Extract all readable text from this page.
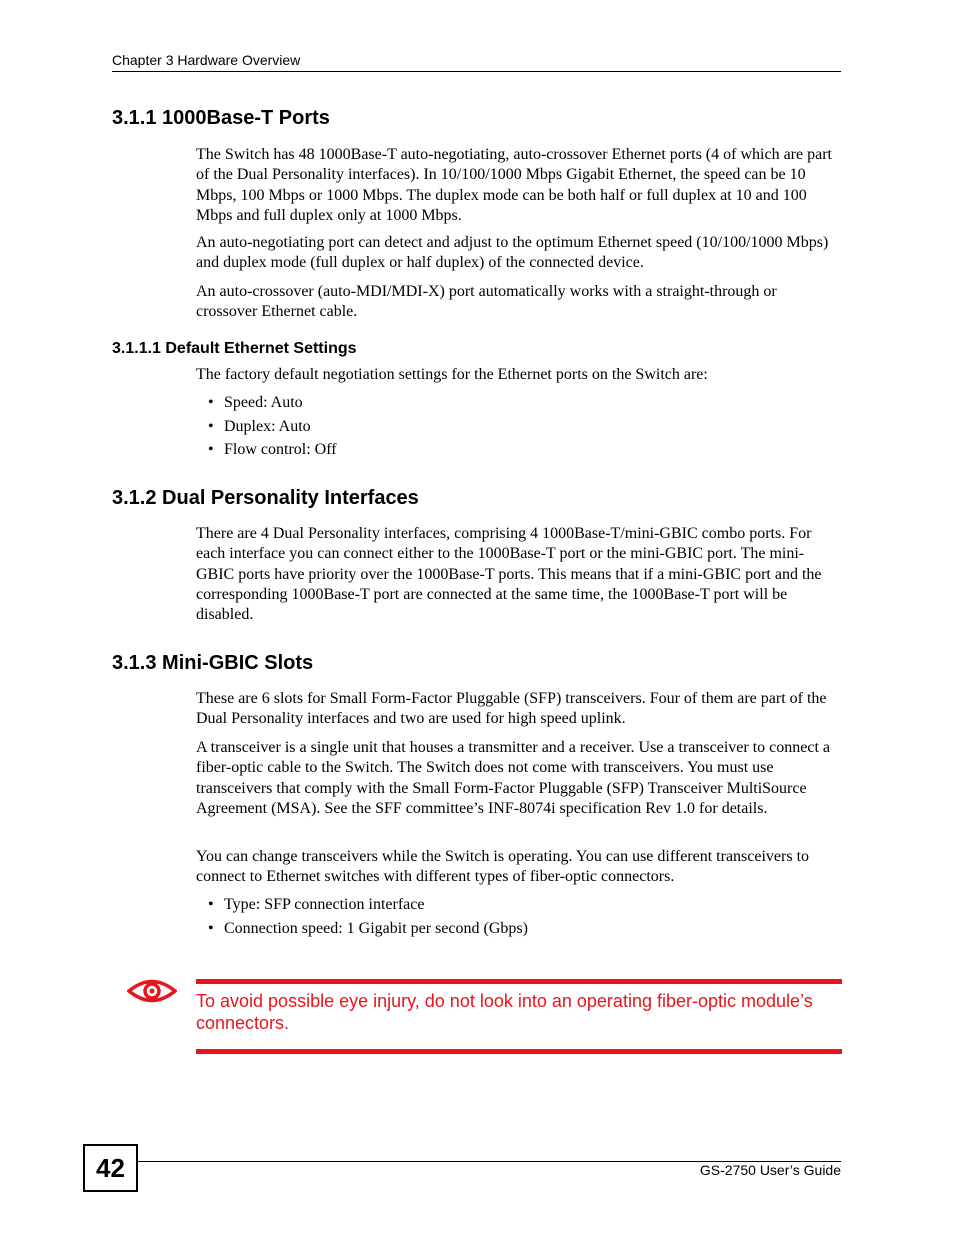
Chapter 3 Hardware Overview
3.1.1 1000Base-T Ports

The Switch has 48 1000Base-T auto-negotiating, auto-crossover Ethernet ports (4 of which are part of the Dual Personality interfaces). In 10/100/1000 Mbps Gigabit Ethernet, the speed can be 10 Mbps, 100 Mbps or 1000 Mbps. The duplex mode can be both half or full duplex at 10 and 100 Mbps and full duplex only at 1000 Mbps.

An auto-negotiating port can detect and adjust to the optimum Ethernet speed (10/100/1000 Mbps) and duplex mode (full duplex or half duplex) of the connected device.

An auto-crossover (auto-MDI/MDI-X) port automatically works with a straight-through or crossover Ethernet cable.

3.1.1.1 Default Ethernet Settings

The factory default negotiation settings for the Ethernet ports on the Switch are:

• Speed: Auto
• Duplex: Auto
• Flow control: Off
3.1.2 Dual Personality Interfaces

There are 4 Dual Personality interfaces, comprising 4 1000Base-T/mini-GBIC combo ports. For each interface you can connect either to the 1000Base-T port or the mini-GBIC port. The mini-GBIC ports have priority over the 1000Base-T ports. This means that if a mini-GBIC port and the corresponding 1000Base-T port are connected at the same time, the 1000Base-T port will be disabled.

3.1.3 Mini-GBIC Slots

These are 6 slots for Small Form-Factor Pluggable (SFP) transceivers. Four of them are part of the Dual Personality interfaces and two are used for high speed uplink.

A transceiver is a single unit that houses a transmitter and a receiver. Use a transceiver to connect a fiber-optic cable to the Switch. The Switch does not come with transceivers. You must use transceivers that comply with the Small Form-Factor Pluggable (SFP) Transceiver MultiSource Agreement (MSA). See the SFF committee’s INF-8074i specification Rev 1.0 for details.

You can change transceivers while the Switch is operating. You can use different transceivers to connect to Ethernet switches with different types of fiber-optic connectors.

• Type: SFP connection interface
• Connection speed: 1 Gigabit per second (Gbps)
To avoid possible eye injury, do not look into an operating fiber-optic module’s connectors.
42	GS-2750 User’s Guide
